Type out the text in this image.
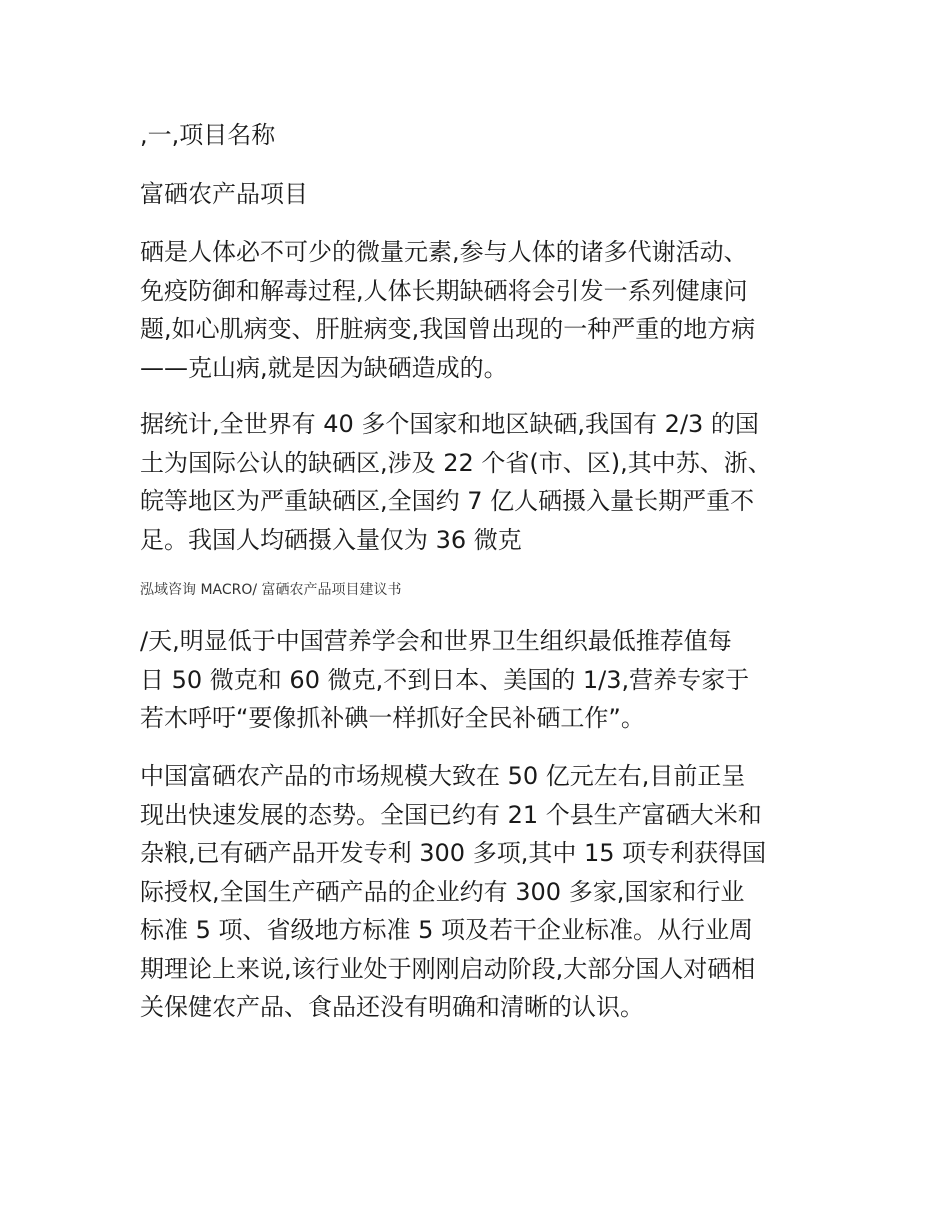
,一,项目名称
富硒农产品项目

硒是人体必不可少的微量元素,参与人体的诸多代谢活动、
免疫防御和解毒过程,人体长期缺硒将会引发一系列健康问
题,如心肌病变、肝脏病变,我国曾出现的一种严重的地方病
——克山病,就是因为缺硒造成的。

据统计,全世界有 40 多个国家和地区缺硒,我国有 2/3 的国
土为国际公认的缺硒区,涉及 22 个省(市、区),其中苏、浙、
皖等地区为严重缺硒区,全国约 7 亿人硒摄入量长期严重不
足。我国人均硒摄入量仅为 36 微克

泓域咨询 MACRO/ 富硒农产品项目建议书

/天,明显低于中国营养学会和世界卫生组织最低推荐值每
日 50 微克和 60 微克,不到日本、美国的 1/3,营养专家于
若木呼吁“要像抓补碘一样抓好全民补硒工作”。

中国富硒农产品的市场规模大致在 50 亿元左右,目前正呈
现出快速发展的态势。全国已约有 21 个县生产富硒大米和
杂粮,已有硒产品开发专利 300 多项,其中 15 项专利获得国
际授权,全国生产硒产品的企业约有 300 多家,国家和行业
标准 5 项、省级地方标准 5 项及若干企业标准。从行业周
期理论上来说,该行业处于刚刚启动阶段,大部分国人对硒相
关保健农产品、食品还没有明确和清晰的认识。
